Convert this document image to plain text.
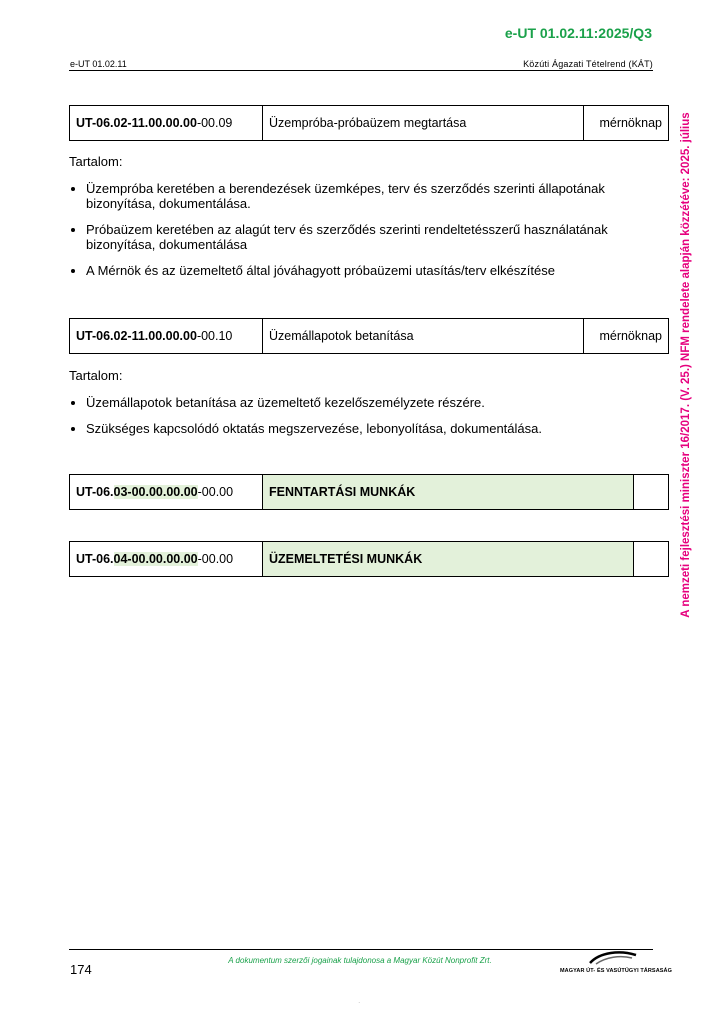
e-UT 01.02.11:2025/Q3
e-UT 01.02.11	Közúti Ágazati Tételrend (KÁT)
A nemzeti fejlesztési miniszter 16/2017. (V. 25.) NFM rendelete alapján közzétéve: 2025. július
UT-06.02-11.00.00.00-00.09	Üzempróba-próbaüzem megtartása	mérnöknap
Tartalom:
Üzempróba keretében a berendezések üzemképes, terv és szerződés szerinti állapotának bizonyítása, dokumentálása.
Próbaüzem keretében az alagút terv és szerződés szerinti rendeltetésszerű használatának bizonyítása, dokumentálása
A Mérnök és az üzemeltető által jóváhagyott próbaüzemi utasítás/terv elkészítése
UT-06.02-11.00.00.00-00.10	Üzemállapotok betanítása	mérnöknap
Tartalom:
Üzemállapotok betanítása az üzemeltető kezelőszemélyzete részére.
Szükséges kapcsolódó oktatás megszervezése, lebonyolítása, dokumentálása.
UT-06.03-00.00.00.00-00.00	FENNTARTÁSI MUNKÁK	
UT-06.04-00.00.00.00-00.00	ÜZEMELTETÉSI MUNKÁK	
174
A dokumentum szerzői jogainak tulajdonosa a Magyar Közút Nonprofit Zrt.
MAGYAR ÚT- ÉS VASÚTÜGYI TÁRSASÁG
.
